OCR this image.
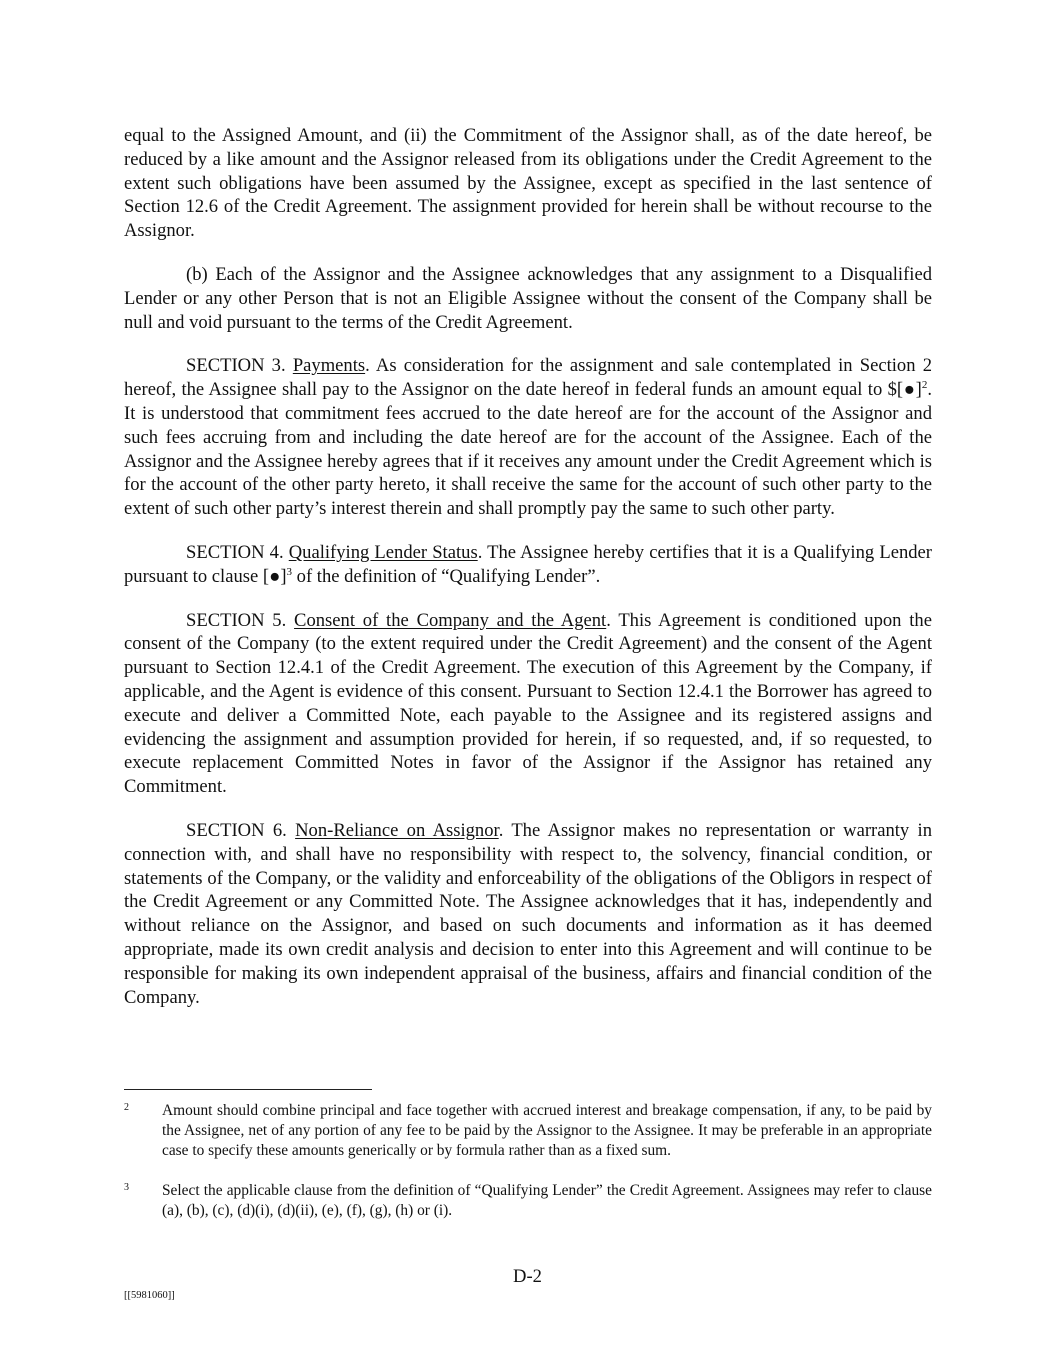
equal to the Assigned Amount, and (ii) the Commitment of the Assignor shall, as of the date hereof, be reduced by a like amount and the Assignor released from its obligations under the Credit Agreement to the extent such obligations have been assumed by the Assignee, except as specified in the last sentence of Section 12.6 of the Credit Agreement. The assignment provided for herein shall be without recourse to the Assignor.

(b) Each of the Assignor and the Assignee acknowledges that any assignment to a Disqualified Lender or any other Person that is not an Eligible Assignee without the consent of the Company shall be null and void pursuant to the terms of the Credit Agreement.

SECTION 3. Payments. As consideration for the assignment and sale contemplated in Section 2 hereof, the Assignee shall pay to the Assignor on the date hereof in federal funds an amount equal to $[●]$^2$. It is understood that commitment fees accrued to the date hereof are for the account of the Assignor and such fees accruing from and including the date hereof are for the account of the Assignee. Each of the Assignor and the Assignee hereby agrees that if it receives any amount under the Credit Agreement which is for the account of the other party hereto, it shall receive the same for the account of such other party to the extent of such other party’s interest therein and shall promptly pay the same to such other party.

SECTION 4. Qualifying Lender Status. The Assignee hereby certifies that it is a Qualifying Lender pursuant to clause [●]$^3$ of the definition of “Qualifying Lender”.

SECTION 5. Consent of the Company and the Agent. This Agreement is conditioned upon the consent of the Company (to the extent required under the Credit Agreement) and the consent of the Agent pursuant to Section 12.4.1 of the Credit Agreement. The execution of this Agreement by the Company, if applicable, and the Agent is evidence of this consent. Pursuant to Section 12.4.1 the Borrower has agreed to execute and deliver a Committed Note, each payable to the Assignee and its registered assigns and evidencing the assignment and assumption provided for herein, if so requested, and, if so requested, to execute replacement Committed Notes in favor of the Assignor if the Assignor has retained any Commitment.

SECTION 6. Non-Reliance on Assignor. The Assignor makes no representation or warranty in connection with, and shall have no responsibility with respect to, the solvency, financial condition, or statements of the Company, or the validity and enforceability of the obligations of the Obligors in respect of the Credit Agreement or any Committed Note. The Assignee acknowledges that it has, independently and without reliance on the Assignor, and based on such documents and information as it has deemed appropriate, made its own credit analysis and decision to enter into this Agreement and will continue to be responsible for making its own independent appraisal of the business, affairs and financial condition of the Company.

2	Amount should combine principal and face together with accrued interest and breakage compensation, if any, to be paid by the Assignee, net of any portion of any fee to be paid by the Assignor to the Assignee. It may be preferable in an appropriate case to specify these amounts generically or by formula rather than as a fixed sum.
3	Select the applicable clause from the definition of “Qualifying Lender” the Credit Agreement. Assignees may refer to clause (a), (b), (c), (d)(i), (d)(ii), (e), (f), (g), (h) or (i).
D-2
[[5981060]]
